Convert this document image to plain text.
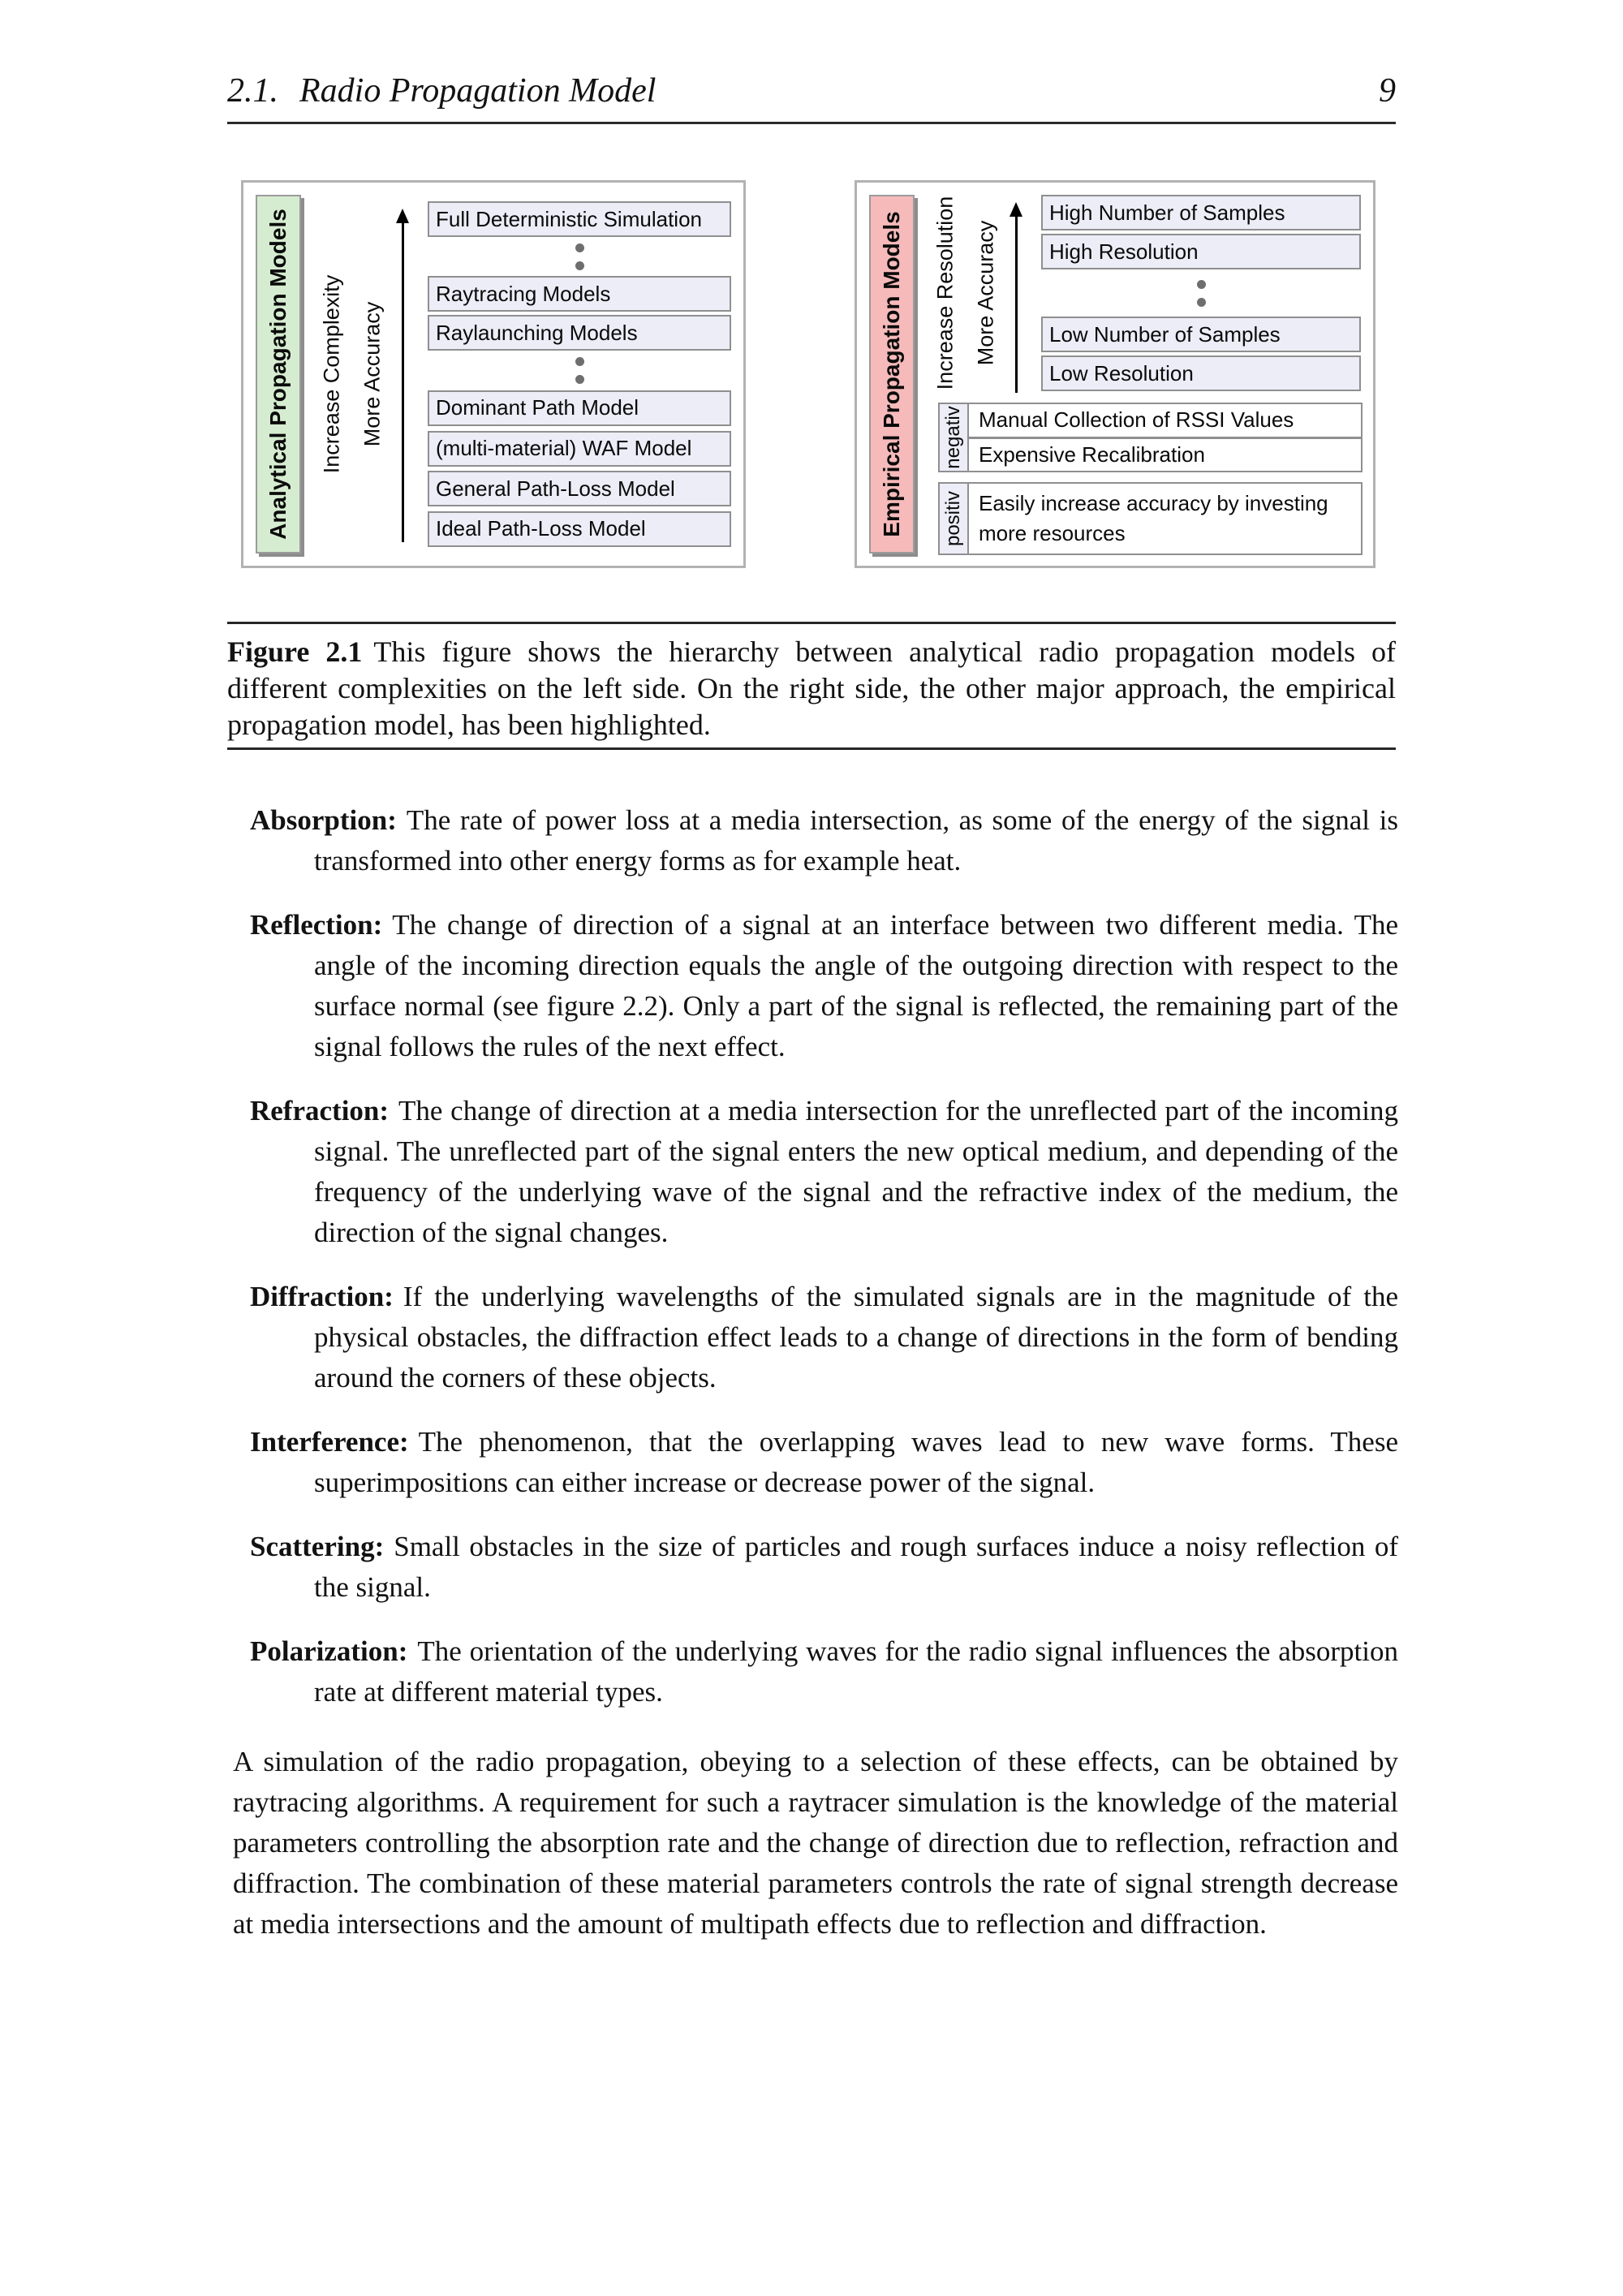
2.1. Radio Propagation Model	9
Analytical Propagation Models Increase Complexity More Accuracy
Full Deterministic Simulation
Raytracing Models
Raylaunching Models
Dominant Path Model
(multi-material) WAF Model
General Path-Loss Model
Ideal Path-Loss Model	Empirical Propagation Models Increase Resolution More Accuracy
High Number of Samples
High Resolution
Low Number of Samples
Low Resolution
negativ Manual Collection of RSSI Values
Expensive Recalibration
positiv Easily increase accuracy by investing more resources
Figure 2.1 This figure shows the hierarchy between analytical radio propagation models of different complexities on the left side. On the right side, the other major approach, the empirical propagation model, has been highlighted.

Absorption: The rate of power loss at a media intersection, as some of the energy of the signal is transformed into other energy forms as for example heat.

Reflection: The change of direction of a signal at an interface between two different media. The angle of the incoming direction equals the angle of the outgoing direction with respect to the surface normal (see figure 2.2). Only a part of the signal is reflected, the remaining part of the signal follows the rules of the next effect.

Refraction: The change of direction at a media intersection for the unreflected part of the incoming signal. The unreflected part of the signal enters the new optical medium, and depending of the frequency of the underlying wave of the signal and the refractive index of the medium, the direction of the signal changes.

Diffraction: If the underlying wavelengths of the simulated signals are in the magnitude of the physical obstacles, the diffraction effect leads to a change of directions in the form of bending around the corners of these objects.

Interference: The phenomenon, that the overlapping waves lead to new wave forms. These superimpositions can either increase or decrease power of the signal.

Scattering: Small obstacles in the size of particles and rough surfaces induce a noisy reflection of the signal.

Polarization: The orientation of the underlying waves for the radio signal influences the absorption rate at different material types.

A simulation of the radio propagation, obeying to a selection of these effects, can be obtained by raytracing algorithms. A requirement for such a raytracer simulation is the knowledge of the material parameters controlling the absorption rate and the change of direction due to reflection, refraction and diffraction. The combination of these material parameters controls the rate of signal strength decrease at media intersections and the amount of multipath effects due to reflection and diffraction.
